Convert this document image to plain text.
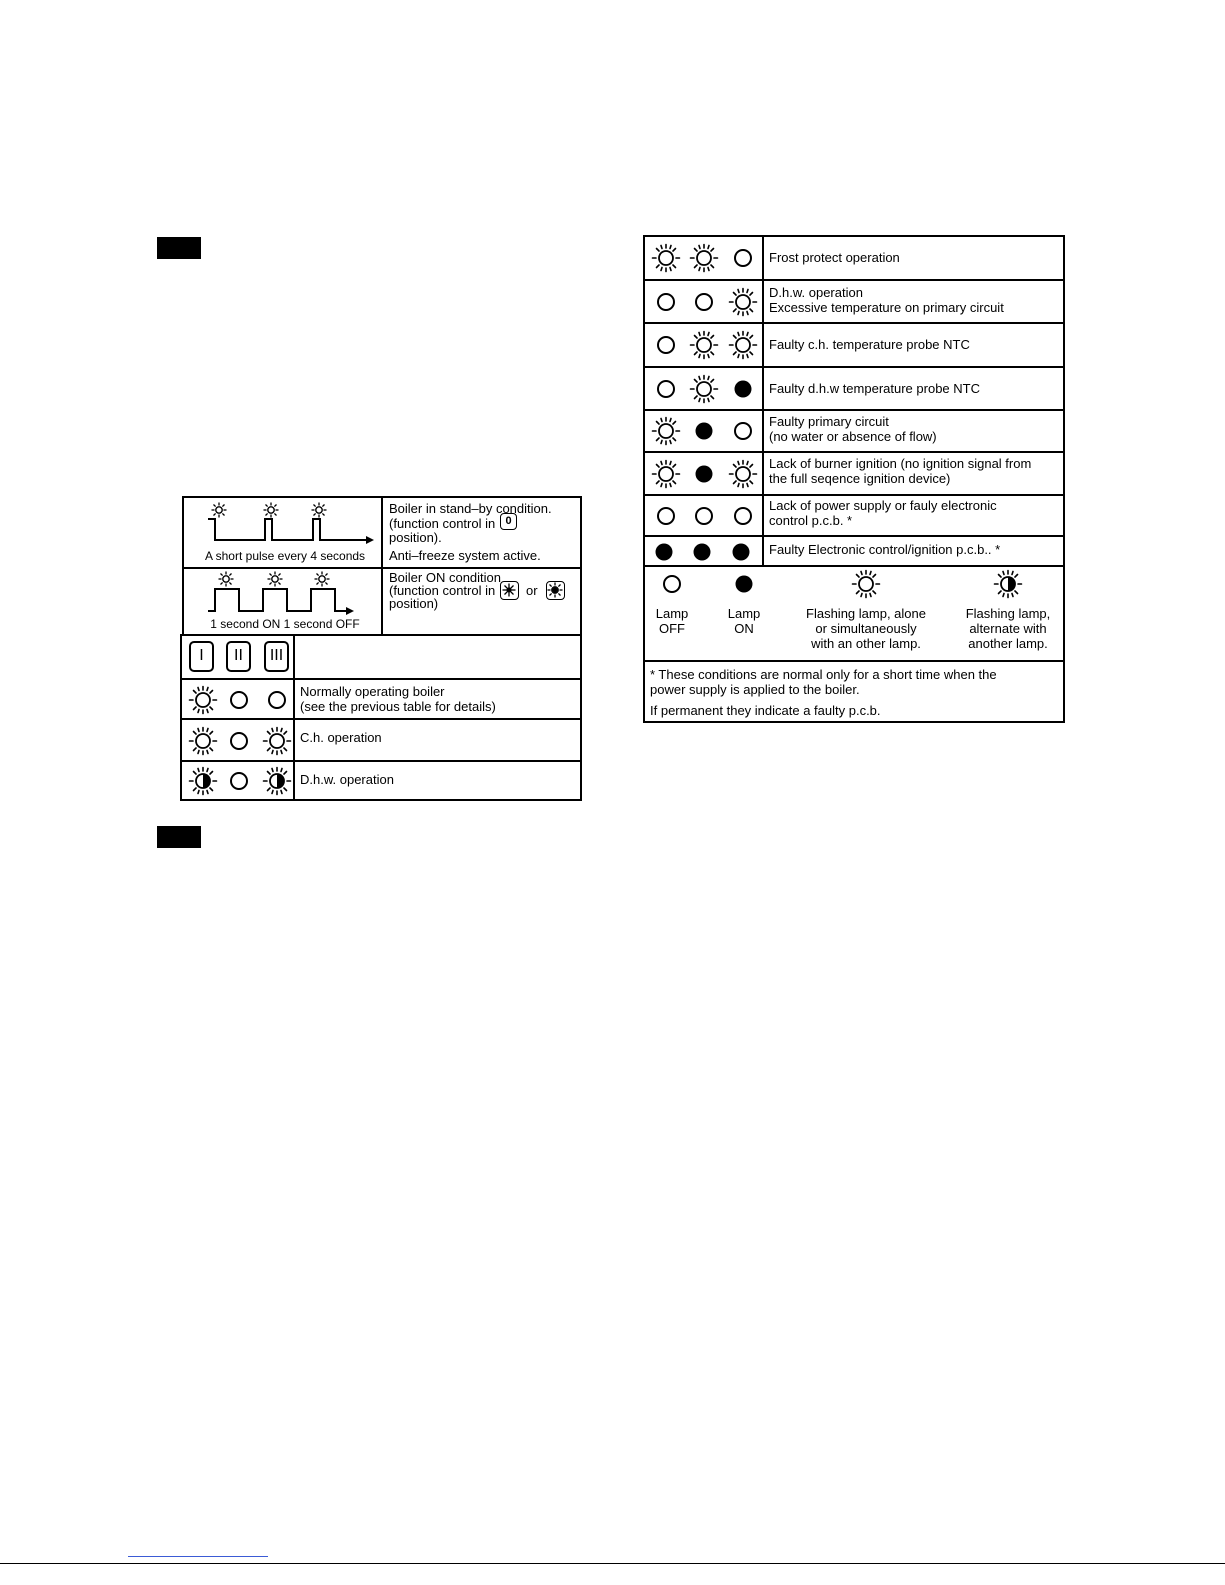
A short pulse every 4 seconds
Boiler in stand–by condition.
(function control in 0
position).
Anti–freeze system active.
1 second ON 1 second OFF
Boiler ON condition
(function control in or
position)
I	II	III
Normally operating boiler
(see the previous table for details)
C.h. operation
D.h.w. operation
Frost protect operation
D.h.w. operation
Excessive temperature on primary circuit
Faulty c.h. temperature probe NTC
Faulty d.h.w temperature probe NTC
Faulty primary circuit
(no water or absence of flow)
Lack of burner ignition (no ignition signal from
the full seqence ignition device)
Lack of power supply or fauly electronic
control p.c.b. *
Faulty Electronic control/ignition p.c.b.. *
Lamp
OFF
Lamp
ON
Flashing lamp, alone
or simultaneously
with an other lamp.
Flashing lamp,
alternate with
another lamp.
* These conditions are normal only for a short time when the
power supply is applied to the boiler.
If permanent they indicate a faulty p.c.b.
